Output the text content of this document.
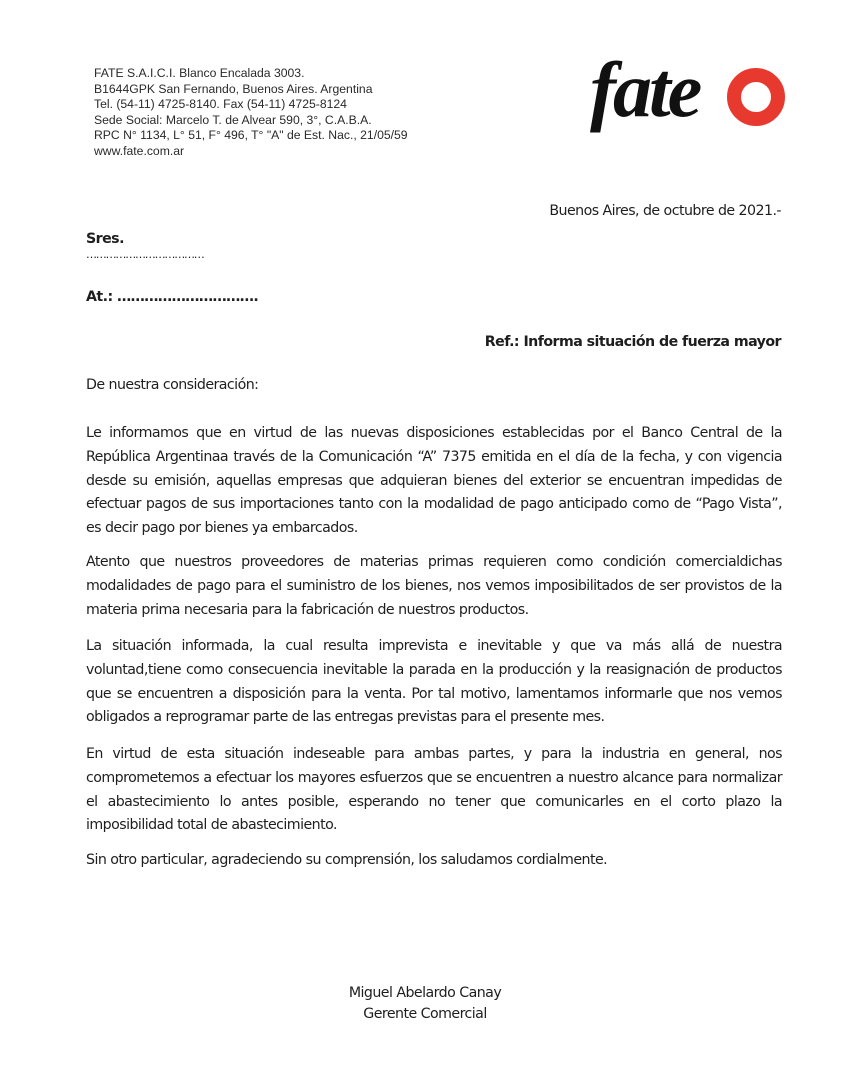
FATE S.A.I.C.I. Blanco Encalada 3003.
B1644GPK San Fernando, Buenos Aires. Argentina
Tel. (54-11) 4725-8140. Fax (54-11) 4725-8124
Sede Social: Marcelo T. de Alvear 590, 3°, C.A.B.A.
RPC N° 1134, L° 51, F° 496, T° "A" de Est. Nac., 21/05/59
www.fate.com.ar
fate
Buenos Aires, de octubre de 2021.-
Sres.
………………………………
At.: ………………………….
Ref.: Informa situación de fuerza mayor
De nuestra consideración:
Le informamos que en virtud de las nuevas disposiciones establecidas por el Banco Central de la República Argentinaa través de la Comunicación “A” 7375 emitida en el día de la fecha, y con vigencia desde su emisión, aquellas empresas que adquieran bienes del exterior se encuentran impedidas de efectuar pagos de sus importaciones tanto con la modalidad de pago anticipado como de “Pago Vista”, es decir pago por bienes ya embarcados.
Atento que nuestros proveedores de materias primas requieren como condición comercialdichas modalidades de pago para el suministro de los bienes, nos vemos imposibilitados de ser provistos de la materia prima necesaria para la fabricación de nuestros productos.
La situación informada, la cual resulta imprevista e inevitable y que va más allá de nuestra voluntad,tiene como consecuencia inevitable la parada en la producción y la reasignación de productos que se encuentren a disposición para la venta. Por tal motivo, lamentamos informarle que nos vemos obligados a reprogramar parte de las entregas previstas para el presente mes.
En virtud de esta situación indeseable para ambas partes, y para la industria en general, nos comprometemos a efectuar los mayores esfuerzos que se encuentren a nuestro alcance para normalizar el abastecimiento lo antes posible, esperando no tener que comunicarles en el corto plazo la imposibilidad total de abastecimiento.
Sin otro particular, agradeciendo su comprensión, los saludamos cordialmente.
Miguel Abelardo Canay
Gerente Comercial
